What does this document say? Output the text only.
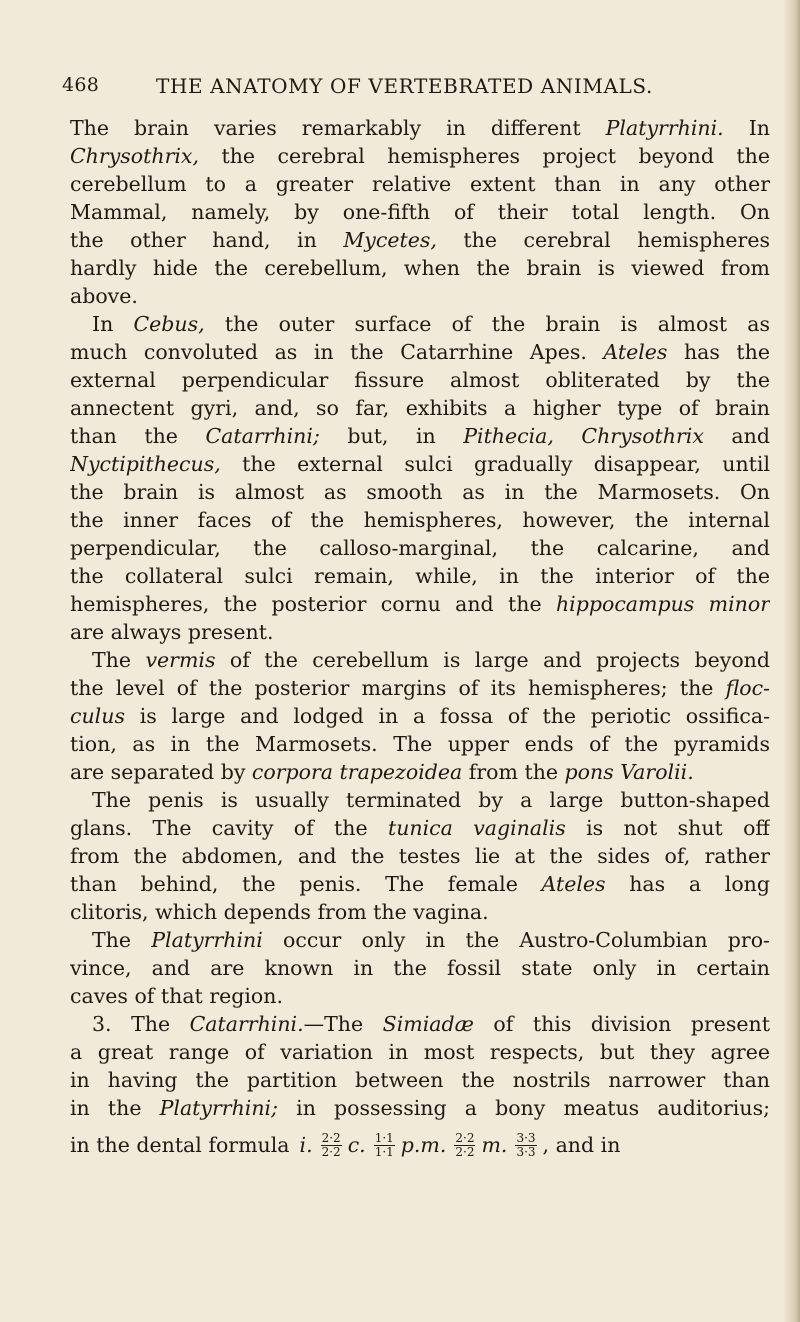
468	THE ANATOMY OF VERTEBRATED ANIMALS.
The brain varies remarkably in different Platyrrhini. In
Chrysothrix, the cerebral hemispheres project beyond the
cerebellum to a greater relative extent than in any other
Mammal, namely, by one-fifth of their total length. On
the other hand, in Mycetes, the cerebral hemispheres
hardly hide the cerebellum, when the brain is viewed from
above.
In Cebus, the outer surface of the brain is almost as
much convoluted as in the Catarrhine Apes. Ateles has the
external perpendicular fissure almost obliterated by the
annectent gyri, and, so far, exhibits a higher type of brain
than the Catarrhini; but, in Pithecia, Chrysothrix and
Nyctipithecus, the external sulci gradually disappear, until
the brain is almost as smooth as in the Marmosets. On
the inner faces of the hemispheres, however, the internal
perpendicular, the calloso-marginal, the calcarine, and
the collateral sulci remain, while, in the interior of the
hemispheres, the posterior cornu and the hippocampus minor
are always present.
The vermis of the cerebellum is large and projects beyond
the level of the posterior margins of its hemispheres; the floc-
culus is large and lodged in a fossa of the periotic ossifica-
tion, as in the Marmosets. The upper ends of the pyramids
are separated by corpora trapezoidea from the pons Varolii.
The penis is usually terminated by a large button-shaped
glans. The cavity of the tunica vaginalis is not shut off
from the abdomen, and the testes lie at the sides of, rather
than behind, the penis. The female Ateles has a long
clitoris, which depends from the vagina.
The Platyrrhini occur only in the Austro-Columbian pro-
vince, and are known in the fossil state only in certain
caves of that region.
3. The Catarrhini.—The Simiadæ of this division present
a great range of variation in most respects, but they agree
in having the partition between the nostrils narrower than
in the Platyrrhini; in possessing a bony meatus auditorius;
in the dental formula i. $\frac{2\cdot 2}{2\cdot 2} c$. $\frac{1\cdot 1}{1\cdot 1} p.m$. $\frac{2\cdot 2}{2\cdot 2} m$. $\frac{3\cdot 3}{3\cdot 3}$ , and in
